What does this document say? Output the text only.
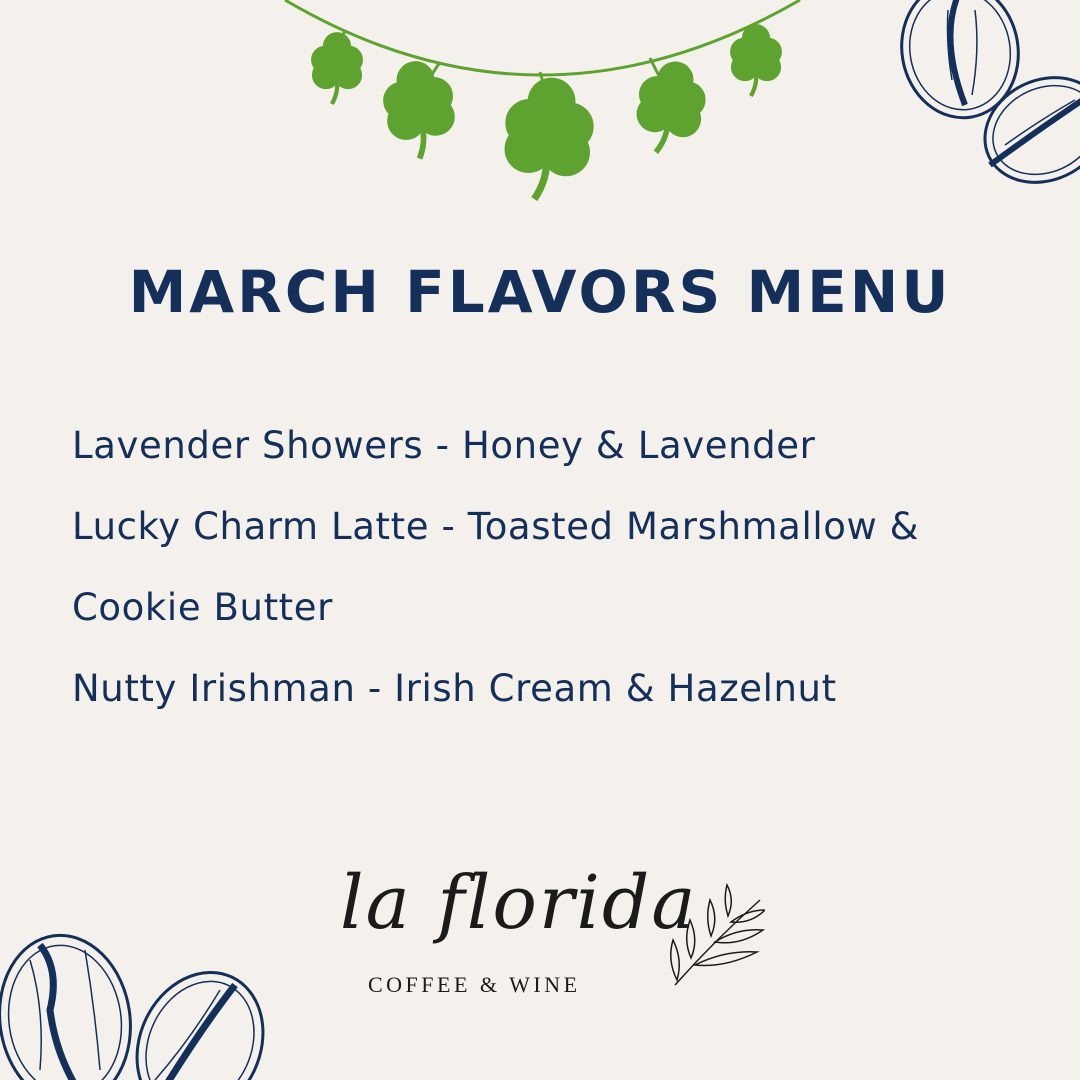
MARCH FLAVORS MENU
Lavender Showers - Honey & Lavender
Lucky Charm Latte - Toasted Marshmallow &
Cookie Butter
Nutty Irishman - Irish Cream & Hazelnut
la florida
COFFEE & WINE
